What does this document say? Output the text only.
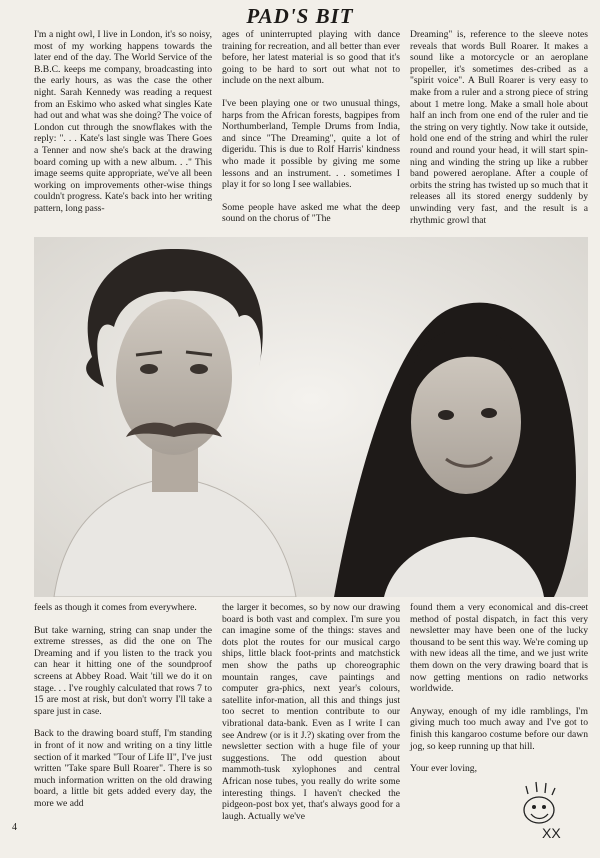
PAD'S BIT

I'm a night owl, I live in London, it's so noisy, most of my working happens towards the later end of the day. The World Service of the B.B.C. keeps me company, broadcasting into the early hours, as was the case the other night. Sarah Kennedy was reading a request from an Eskimo who asked what singles Kate had out and what was she doing? The voice of London cut through the snowflakes with the reply: ". . . Kate's last single was There Goes a Tenner and now she's back at the drawing board coming up with a new album. . ." This image seems quite appropriate, we've all been working on improvements other-wise things couldn't progress. Kate's back into her writing pattern, long pass-

ages of uninterrupted playing with dance training for recreation, and all better than ever before, her latest material is so good that it's going to be hard to sort out what not to include on the next album.

I've been playing one or two unusual things, harps from the African forests, bagpipes from Northumberland, Temple Drums from India, and since "The Dreaming", quite a lot of digeridu. This is due to Rolf Harris' kindness who made it possible by giving me some lessons and an instrument. . . sometimes I play it for so long I see wallabies.

Some people have asked me what the deep sound on the chorus of "The

Dreaming" is, reference to the sleeve notes reveals that words Bull Roarer. It makes a sound like a motorcycle or an aeroplane propeller, it's sometimes des-cribed as a "spirit voice". A Bull Roarer is very easy to make from a ruler and a strong piece of string about 1 metre long. Make a small hole about half an inch from one end of the ruler and tie the string on very tightly. Now take it outside, hold one end of the string and whirl the ruler round and round your head, it will start spin-ning and winding the string up like a rubber band powered aeroplane. After a couple of orbits the string has twisted up so much that it releases all its stored energy suddenly by unwinding very fast, and the result is a rhythmic growl that

feels as though it comes from everywhere.

But take warning, string can snap under the extreme stresses, as did the one on The Dreaming and if you listen to the track you can hear it hitting one of the soundproof screens at Abbey Road. Wait 'till we do it on stage. . . I've roughly calculated that rows 7 to 15 are most at risk, but don't worry I'll take a spare just in case.

Back to the drawing board stuff, I'm standing in front of it now and writing on a tiny little section of it marked "Tour of Life II", I've just written "Take spare Bull Roarer". There is so much information written on the old drawing board, a little bit gets added every day, the more we add

the larger it becomes, so by now our drawing board is both vast and complex. I'm sure you can imagine some of the things: staves and dots plot the routes for our musical cargo ships, little black foot-prints and matchstick men show the paths up choreographic mountain ranges, cave paintings and computer gra-phics, next year's colours, satellite infor-mation, all this and things just too secret to mention contribute to our vibrational data-bank. Even as I write I can see Andrew (or is it J.?) skating over from the newsletter section with a huge file of your suggestions. The odd question about mammoth-tusk xylophones and central African nose tubes, you really do write some interesting things. I haven't checked the pidgeon-post box yet, that's always good for a laugh. Actually we've

found them a very economical and dis-creet method of postal dispatch, in fact this very newsletter may have been one of the lucky thousand to be sent this way. We're coming up with new ideas all the time, and we just write them down on the very drawing board that is now getting mentions on radio networks worldwide.

Anyway, enough of my idle ramblings, I'm giving much too much away and I've got to finish this kangaroo costume before our dawn jog, so keep running up that hill.

Your ever loving,

XX
4
